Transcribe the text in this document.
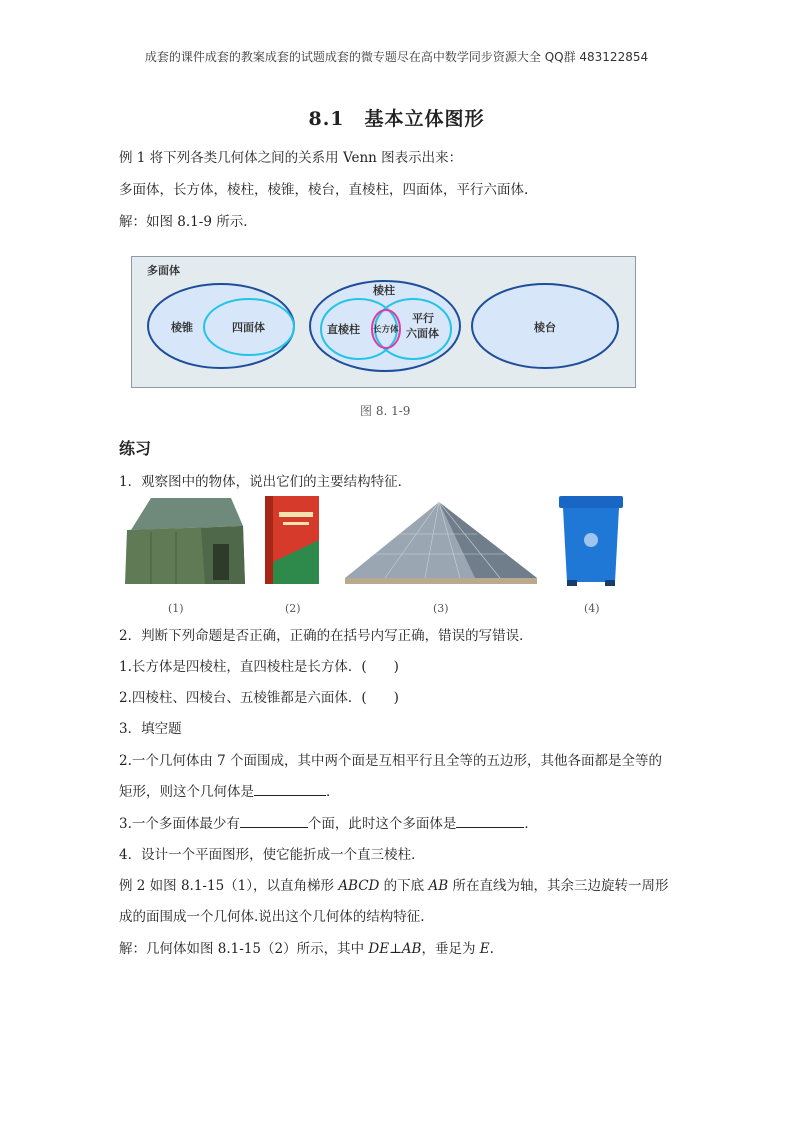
成套的课件成套的教案成套的试题成套的微专题尽在高中数学同步资源大全 QQ群 483122854
8.1　基本立体图形
例 1 将下列各类几何体之间的关系用 Venn 图表示出来：
多面体，长方体，棱柱，棱锥，棱台，直棱柱，四面体，平行六面体.
解：如图 8.1-9 所示.
多面体
棱锥	四面体
棱柱
直棱柱 长方体
平行
六面体	棱台
图 8. 1-9
练习
1．观察图中的物体，说出它们的主要结构特征．
(1)	(2)	(3)	(4)
2．判断下列命题是否正确，正确的在括号内写正确，错误的写错误．
1.长方体是四棱柱，直四棱柱是长方体．(　　)
2.四棱柱、四棱台、五棱锥都是六面体．(　　)
3．填空题
2.一个几何体由 7 个面围成，其中两个面是互相平行且全等的五边形，其他各面都是全等的
矩形，则这个几何体是	．
3.一个多面体最少有	个面，此时这个多面体是	．
4．设计一个平面图形，使它能折成一个直三棱柱．
例 2 如图 8.1-15（1），以直角梯形 ABCD 的下底 AB 所在直线为轴，其余三边旋转一周形
成的面围成一个几何体.说出这个几何体的结构特征.
解：几何体如图 8.1-15（2）所示，其中 DE⊥AB，垂足为 E.
